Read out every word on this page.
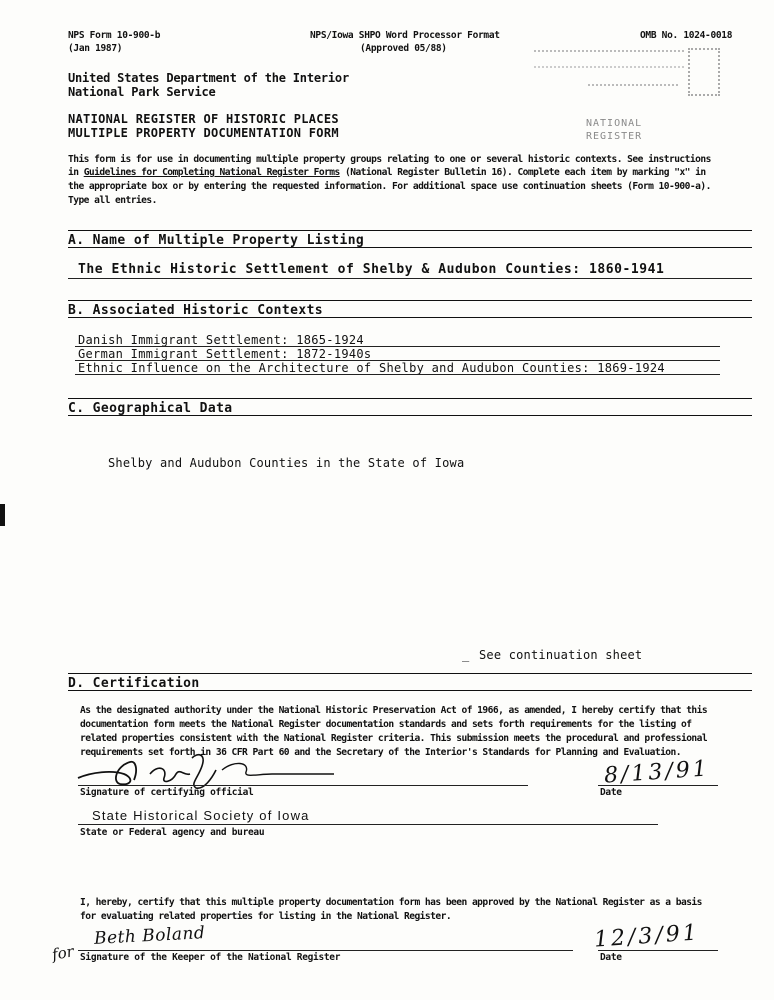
NPS Form 10-900-b
(Jan 1987)
NPS/Iowa SHPO Word Processor Format
(Approved 05/88)
OMB No. 1024-0018
NATIONAL
REGISTER
United States Department of the Interior
National Park Service
NATIONAL REGISTER OF HISTORIC PLACES
MULTIPLE PROPERTY DOCUMENTATION FORM
This form is for use in documenting multiple property groups relating to one or several historic contexts. See instructions
in Guidelines for Completing National Register Forms (National Register Bulletin 16). Complete each item by marking "x" in
the appropriate box or by entering the requested information. For additional space use continuation sheets (Form 10-900-a).
Type all entries.
A. Name of Multiple Property Listing
The Ethnic Historic Settlement of Shelby & Audubon Counties: 1860-1941
B. Associated Historic Contexts
Danish Immigrant Settlement: 1865-1924
German Immigrant Settlement: 1872-1940s
Ethnic Influence on the Architecture of Shelby and Audubon Counties: 1869-1924
C. Geographical Data
Shelby and Audubon Counties in the State of Iowa
_ See continuation sheet
D. Certification
As the designated authority under the National Historic Preservation Act of 1966, as amended, I hereby certify that this
documentation form meets the National Register documentation standards and sets forth requirements for the listing of
related properties consistent with the National Register criteria. This submission meets the procedural and professional
requirements set forth in 36 CFR Part 60 and the Secretary of the Interior's Standards for Planning and Evaluation.
Signature of certifying official	Date
8/13/91
State Historical Society of Iowa
State or Federal agency and bureau
I, hereby, certify that this multiple property documentation form has been approved by the National Register as a basis
for evaluating related properties for listing in the National Register.
for
Beth Boland
Signature of the Keeper of the National Register	Date
12/3/91
